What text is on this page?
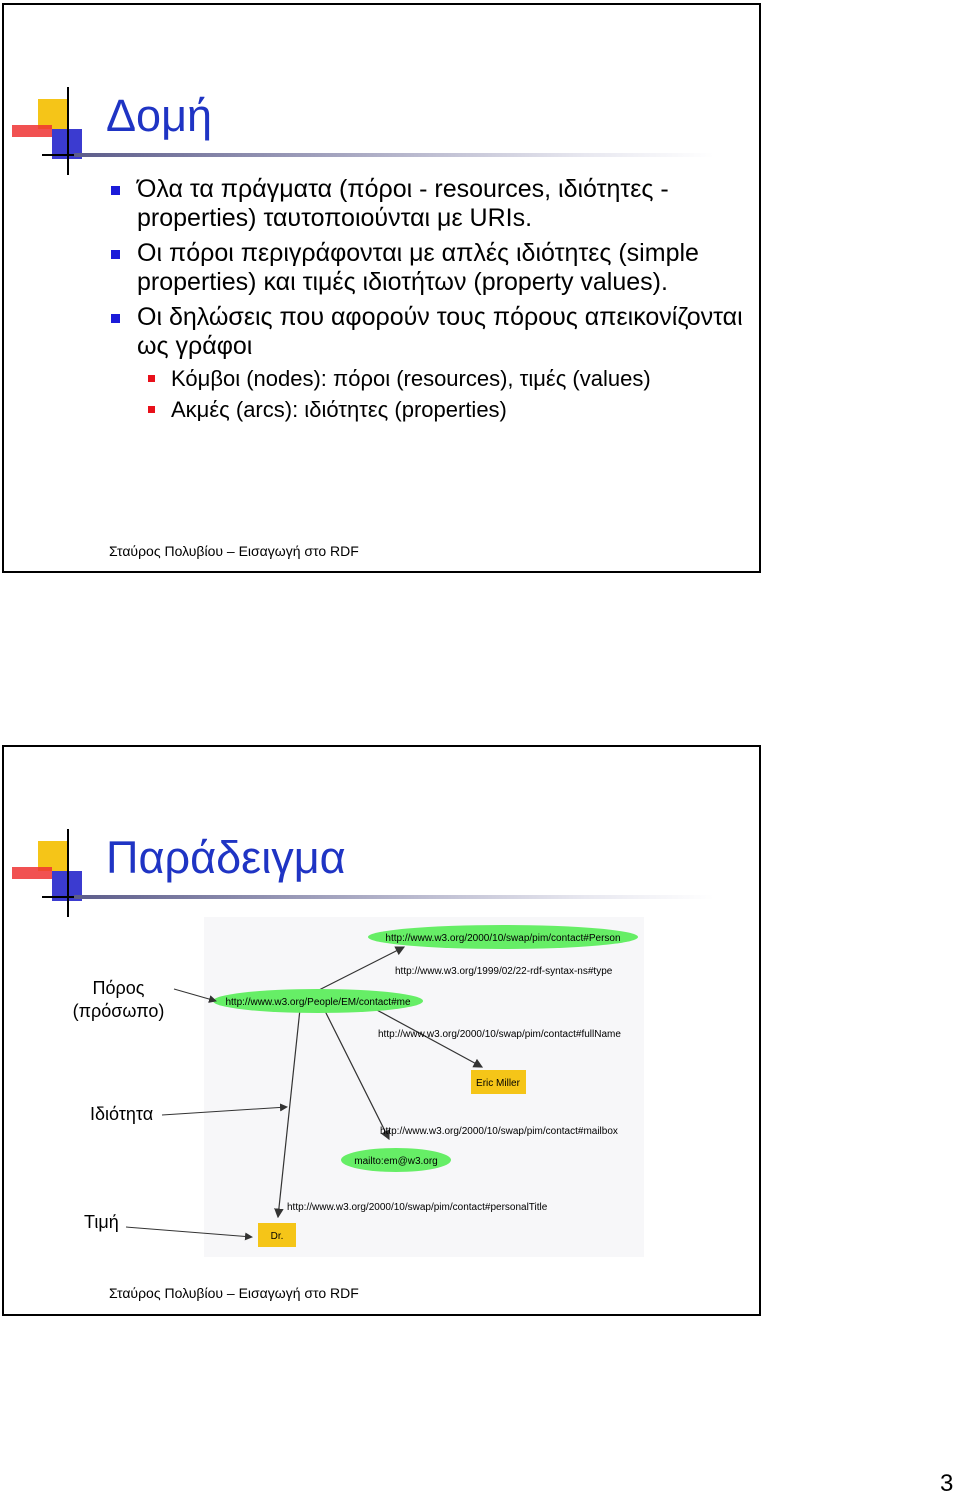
Δομή
Όλα τα πράγματα (πόροι - resources, ιδιότητες - properties) ταυτοποιούνται με URIs.
Οι πόροι περιγράφονται με απλές ιδιότητες (simple properties) και τιμές ιδιοτήτων (property values).
Οι δηλώσεις που αφορούν τους πόρους απεικονίζονται ως γράφοι
Κόμβοι (nodes): πόροι (resources), τιμές (values)
Ακμές (arcs): ιδιότητες (properties)
Σταύρος Πολυβίου – Εισαγωγή στο RDF
Παράδειγμα
http://www.w3.org/2000/10/swap/pim/contact#Person
http://www.w3.org/People/EM/contact#me
Eric Miller
mailto:em@w3.org
Dr.
http://www.w3.org/1999/02/22-rdf-syntax-ns#type
http://www.w3.org/2000/10/swap/pim/contact#fullName
http://www.w3.org/2000/10/swap/pim/contact#mailbox
http://www.w3.org/2000/10/swap/pim/contact#personalTitle
Πόρος
(πρόσωπο)
Ιδιότητα
Τιμή
Σταύρος Πολυβίου – Εισαγωγή στο RDF
3
